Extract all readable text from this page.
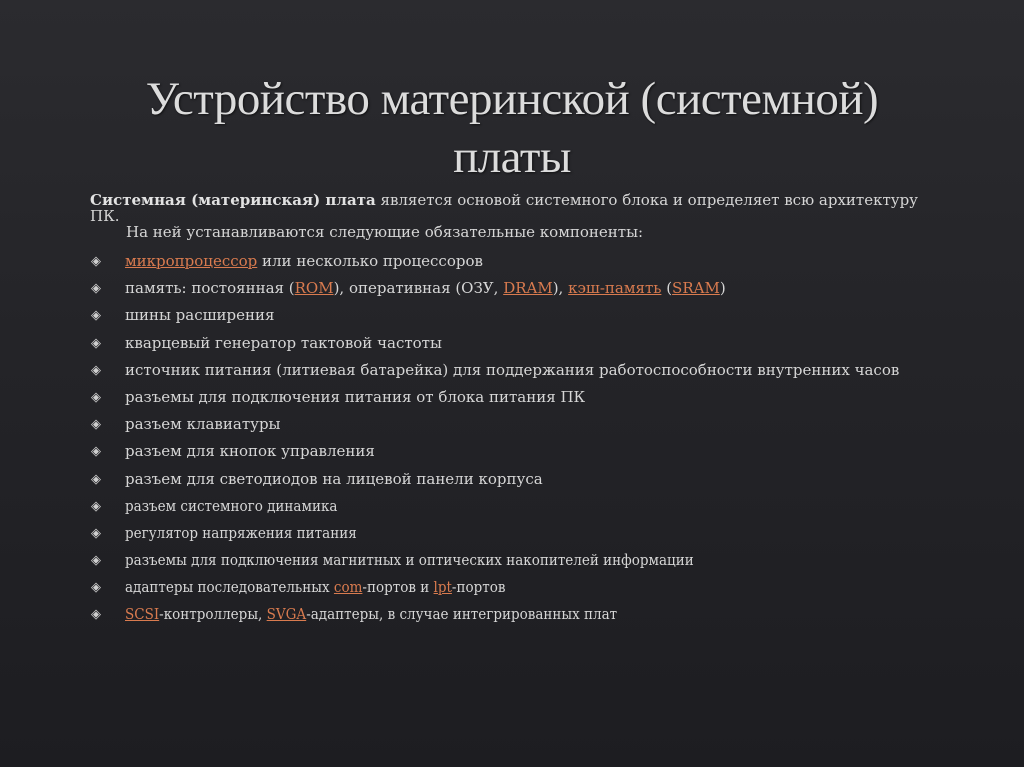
Устройство материнской (системной)
платы

Системная (материнская) плата является основой системного блока и определяет всю архитектуру ПК.
На ней устанавливаются следующие обязательные компоненты:

◈ микропроцессор или несколько процессоров
◈ память: постоянная (ROM), оперативная (ОЗУ, DRAM), кэш-память (SRAM)
◈ шины расширения
◈ кварцевый генератор тактовой частоты
◈ источник питания (литиевая батарейка) для поддержания работоспособности внутренних часов
◈ разъемы для подключения питания от блока питания ПК
◈ разъем клавиатуры
◈ разъем для кнопок управления
◈ разъем для светодиодов на лицевой панели корпуса
◈ разъем системного динамика
◈ регулятор напряжения питания
◈ разъемы для подключения магнитных и оптических накопителей информации
◈ адаптеры последовательных com-портов и lpt-портов
◈ SCSI-контроллеры, SVGA-адаптеры, в случае интегрированных плат
